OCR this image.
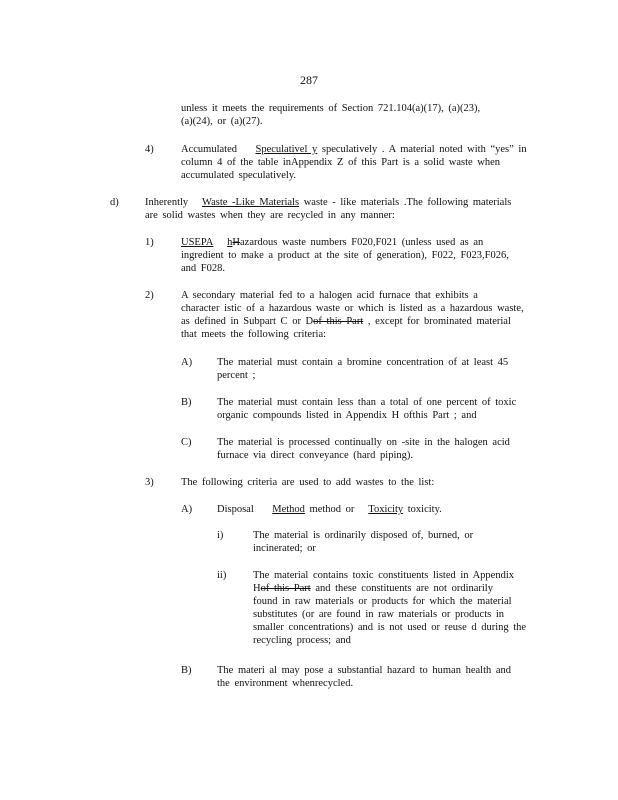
287
unless it meets the requirements of Section 721.104(a)(17), (a)(23),
(a)(24), or (a)(27).
4)	Accumulated Speculativel y speculatively . A material noted with “yes” in
column 4 of the table inAppendix Z of this Part is a solid waste when
accumulated speculatively.
d)	Inherently Waste -Like Materials waste - like materials .The following materials
are solid wastes when they are recycled in any manner:
1)	USEPA hHazardous waste numbers F020,F021 (unless used as an
ingredient to make a product at the site of generation), F022, F023,F026,
and F028.
2)	A secondary material fed to a halogen acid furnace that exhibits a
character istic of a hazardous waste or which is listed as a hazardous waste,
as defined in Subpart C or Dof this Part , except for brominated material
that meets the following criteria:
A) The material must contain a bromine concentration of at least 45
percent ;
B) The material must contain less than a total of one percent of toxic
organic compounds listed in Appendix H ofthis Part ; and
C) The material is processed continually on -site in the halogen acid
furnace via direct conveyance (hard piping).
3)	The following criteria are used to add wastes to the list:
A) Disposal Method method or Toxicity toxicity.
i)	The material is ordinarily disposed of, burned, or
incinerated; or
ii)	The material contains toxic constituents listed in Appendix
Hof this Part and these constituents are not ordinarily
found in raw materials or products for which the material
substitutes (or are found in raw materials or products in
smaller concentrations) and is not used or reuse d during the
recycling process; and
B) The materi al may pose a substantial hazard to human health and
the environment whenrecycled.
